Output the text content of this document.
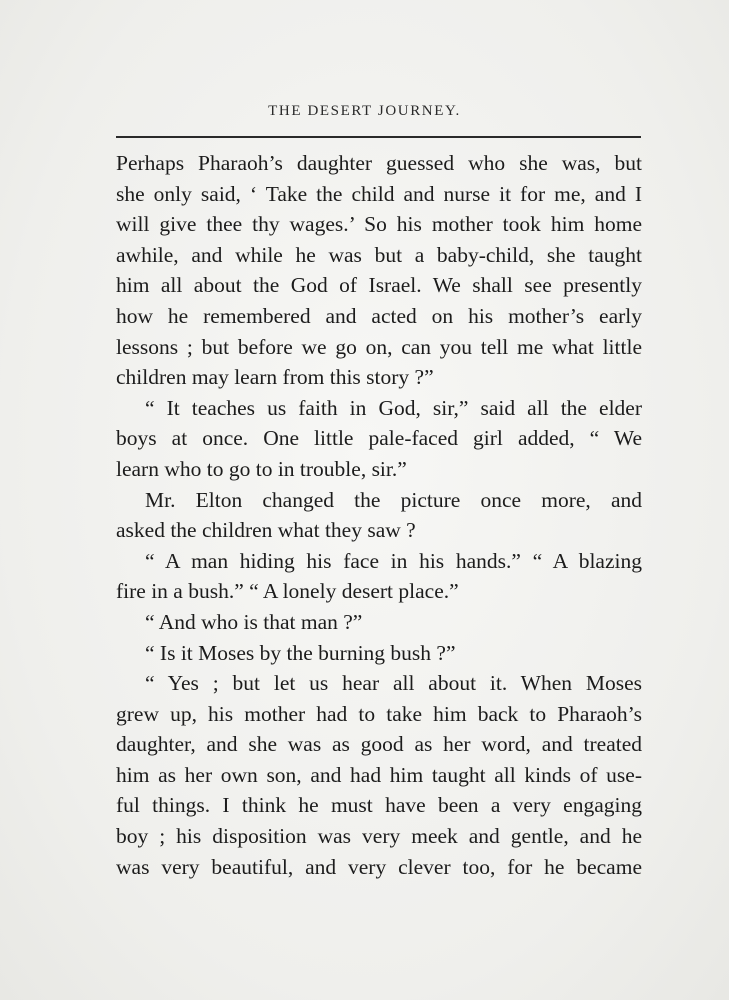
THE DESERT JOURNEY.
Perhaps Pharaoh’s daughter guessed who she was, but
she only said, ‘ Take the child and nurse it for me, and I
will give thee thy wages.’ So his mother took him home
awhile, and while he was but a baby-child, she taught
him all about the God of Israel. We shall see presently
how he remembered and acted on his mother’s early
lessons ; but before we go on, can you tell me what little
children may learn from this story ?”
“ It teaches us faith in God, sir,” said all the elder
boys at once. One little pale-faced girl added, “ We
learn who to go to in trouble, sir.”
Mr. Elton changed the picture once more, and
asked the children what they saw ?
“ A man hiding his face in his hands.” “ A blazing
fire in a bush.” “ A lonely desert place.”
“ And who is that man ?”
“ Is it Moses by the burning bush ?”
“ Yes ; but let us hear all about it. When Moses
grew up, his mother had to take him back to Pharaoh’s
daughter, and she was as good as her word, and treated
him as her own son, and had him taught all kinds of use-
ful things. I think he must have been a very engaging
boy ; his disposition was very meek and gentle, and he
was very beautiful, and very clever too, for he became
